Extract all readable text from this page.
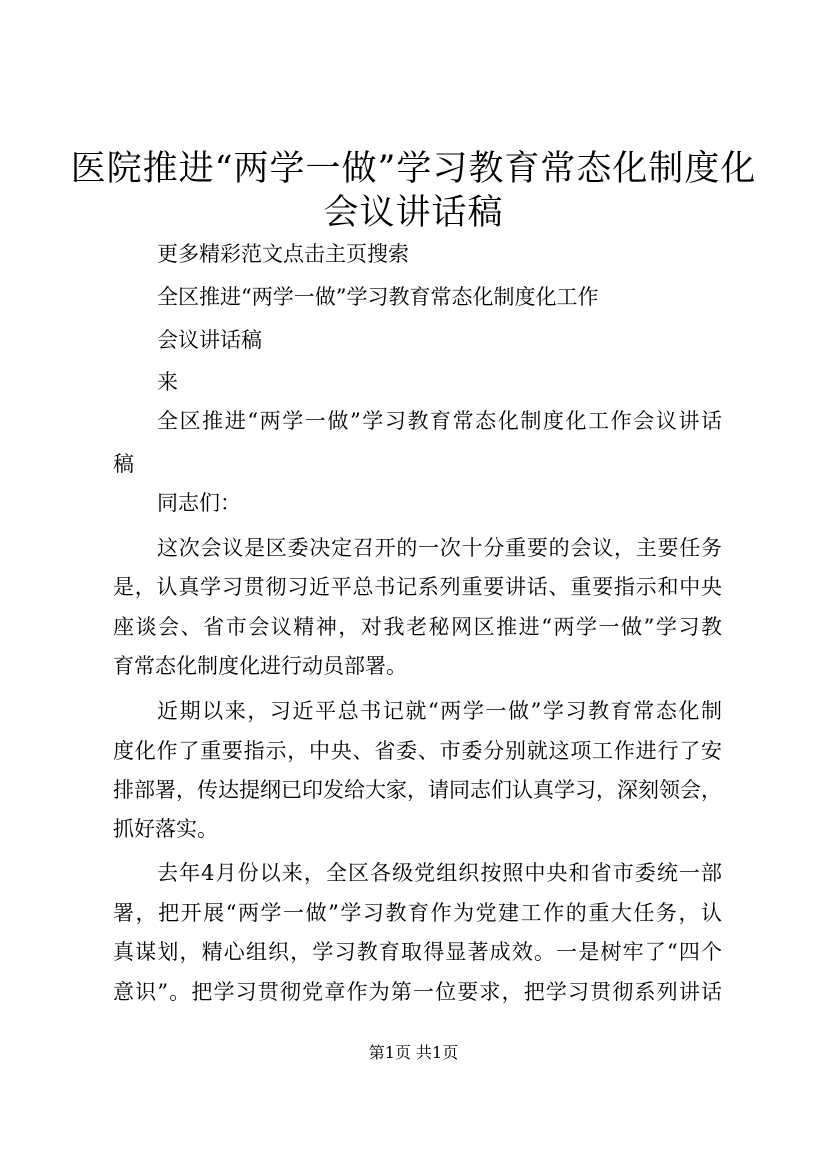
医院推进“两学一做”学习教育常态化制度化
会议讲话稿
更多精彩范文点击主页搜索
全区推进“两学一做”学习教育常态化制度化工作
会议讲话稿
来
全区推进“两学一做”学习教育常态化制度化工作会议讲话
稿
同志们：
这次会议是区委决定召开的一次十分重要的会议，主要任务
是，认真学习贯彻习近平总书记系列重要讲话、重要指示和中央
座谈会、省市会议精神，对我老秘网区推进“两学一做”学习教
育常态化制度化进行动员部署。
近期以来，习近平总书记就“两学一做”学习教育常态化制
度化作了重要指示，中央、省委、市委分别就这项工作进行了安
排部署，传达提纲已印发给大家，请同志们认真学习，深刻领会，
抓好落实。
去年4月份以来，全区各级党组织按照中央和省市委统一部
署，把开展“两学一做”学习教育作为党建工作的重大任务，认
真谋划，精心组织，学习教育取得显著成效。一是树牢了“四个
意识”。把学习贯彻党章作为第一位要求，把学习贯彻系列讲话
第1页 共1页
